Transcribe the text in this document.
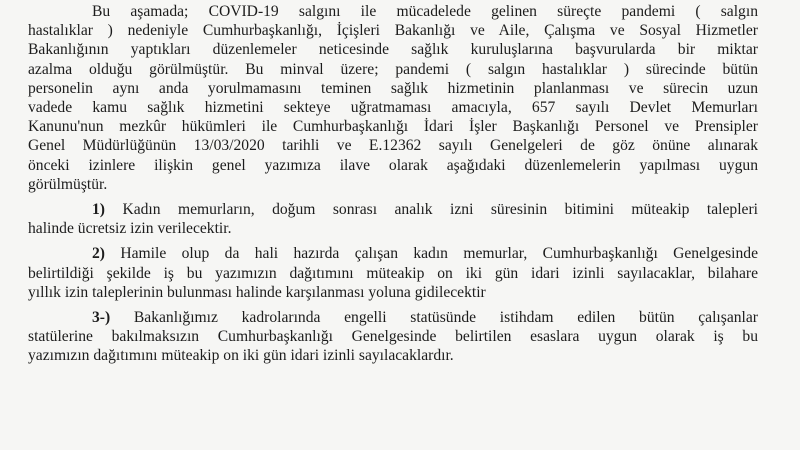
Bu aşamada; COVID-19 salgını ile mücadelede gelinen süreçte pandemi ( salgın
hastalıklar ) nedeniyle Cumhurbaşkanlığı, İçişleri Bakanlığı ve Aile, Çalışma ve Sosyal Hizmetler
Bakanlığının yaptıkları düzenlemeler neticesinde sağlık kuruluşlarına başvurularda bir miktar
azalma olduğu görülmüştür. Bu minval üzere; pandemi ( salgın hastalıklar ) sürecinde bütün
personelin aynı anda yorulmamasını teminen sağlık hizmetinin planlanması ve sürecin uzun
vadede kamu sağlık hizmetini sekteye uğratmaması amacıyla, 657 sayılı Devlet Memurları
Kanunu'nun mezkûr hükümleri ile Cumhurbaşkanlığı İdari İşler Başkanlığı Personel ve Prensipler
Genel Müdürlüğünün 13/03/2020 tarihli ve E.12362 sayılı Genelgeleri de göz önüne alınarak
önceki izinlere ilişkin genel yazımıza ilave olarak aşağıdaki düzenlemelerin yapılması uygun
görülmüştür.
1) Kadın memurların, doğum sonrası analık izni süresinin bitimini müteakip talepleri
halinde ücretsiz izin verilecektir.
2) Hamile olup da hali hazırda çalışan kadın memurlar, Cumhurbaşkanlığı Genelgesinde
belirtildiği şekilde iş bu yazımızın dağıtımını müteakip on iki gün idari izinli sayılacaklar, bilahare
yıllık izin taleplerinin bulunması halinde karşılanması yoluna gidilecektir
3-) Bakanlığımız kadrolarında engelli statüsünde istihdam edilen bütün çalışanlar
statülerine bakılmaksızın Cumhurbaşkanlığı Genelgesinde belirtilen esaslara uygun olarak iş bu
yazımızın dağıtımını müteakip on iki gün idari izinli sayılacaklardır.
